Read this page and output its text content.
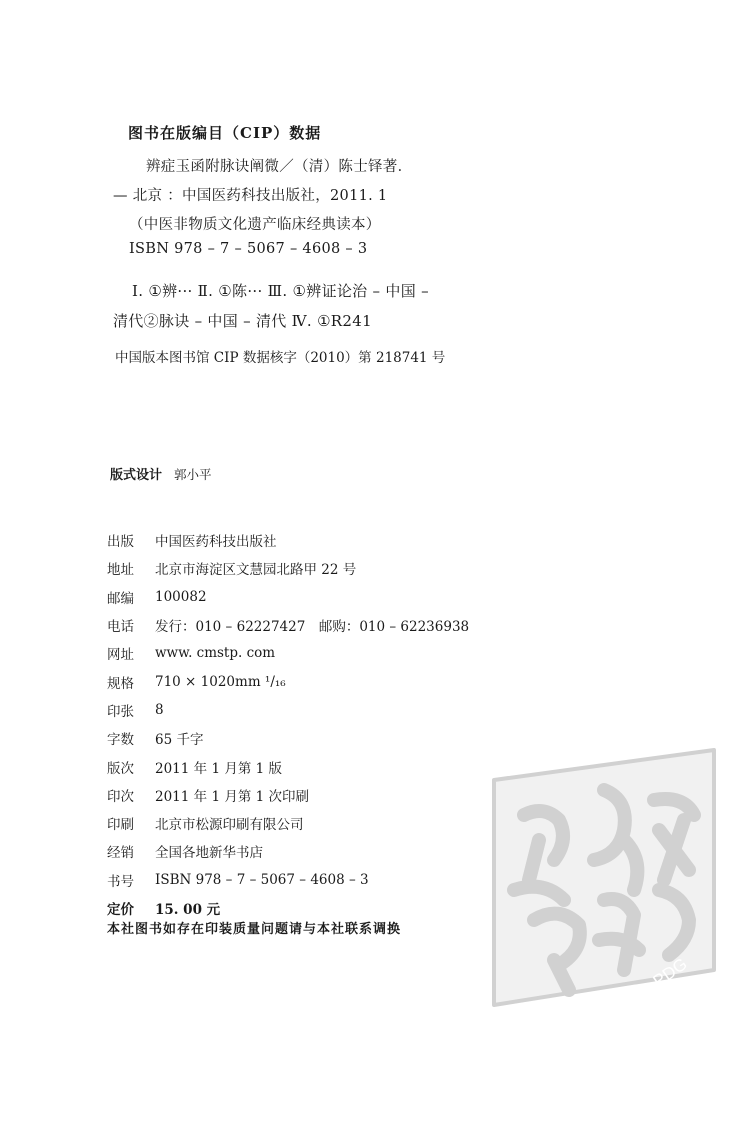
图书在版编目（CIP）数据
辨症玉函附脉诀阐微／（清）陈士铎著．
— 北京 ：中国医药科技出版社，2011. 1
（中医非物质文化遗产临床经典读本）
ISBN 978 – 7 – 5067 – 4608 – 3
Ⅰ. ①辨··· Ⅱ. ①陈··· Ⅲ. ①辨证论治 – 中国 –
清代②脉诀 – 中国 – 清代 Ⅳ. ①R241
中国版本图书馆 CIP 数据核字（2010）第 218741 号
版式设计 郭小平
出版	中国医药科技出版社
地址	北京市海淀区文慧园北路甲 22 号
邮编	100082
电话	发行：010 – 62227427　邮购：010 – 62236938
网址	www. cmstp. com
规格	710 × 1020mm ¹/₁₆
印张	8
字数	65 千字
版次	2011 年 1 月第 1 版
印次	2011 年 1 月第 1 次印刷
印刷	北京市松源印刷有限公司
经销	全国各地新华书店
书号	ISBN 978 – 7 – 5067 – 4608 – 3
定价	15. 00 元
本社图书如存在印装质量问题请与本社联系调换
PDG
